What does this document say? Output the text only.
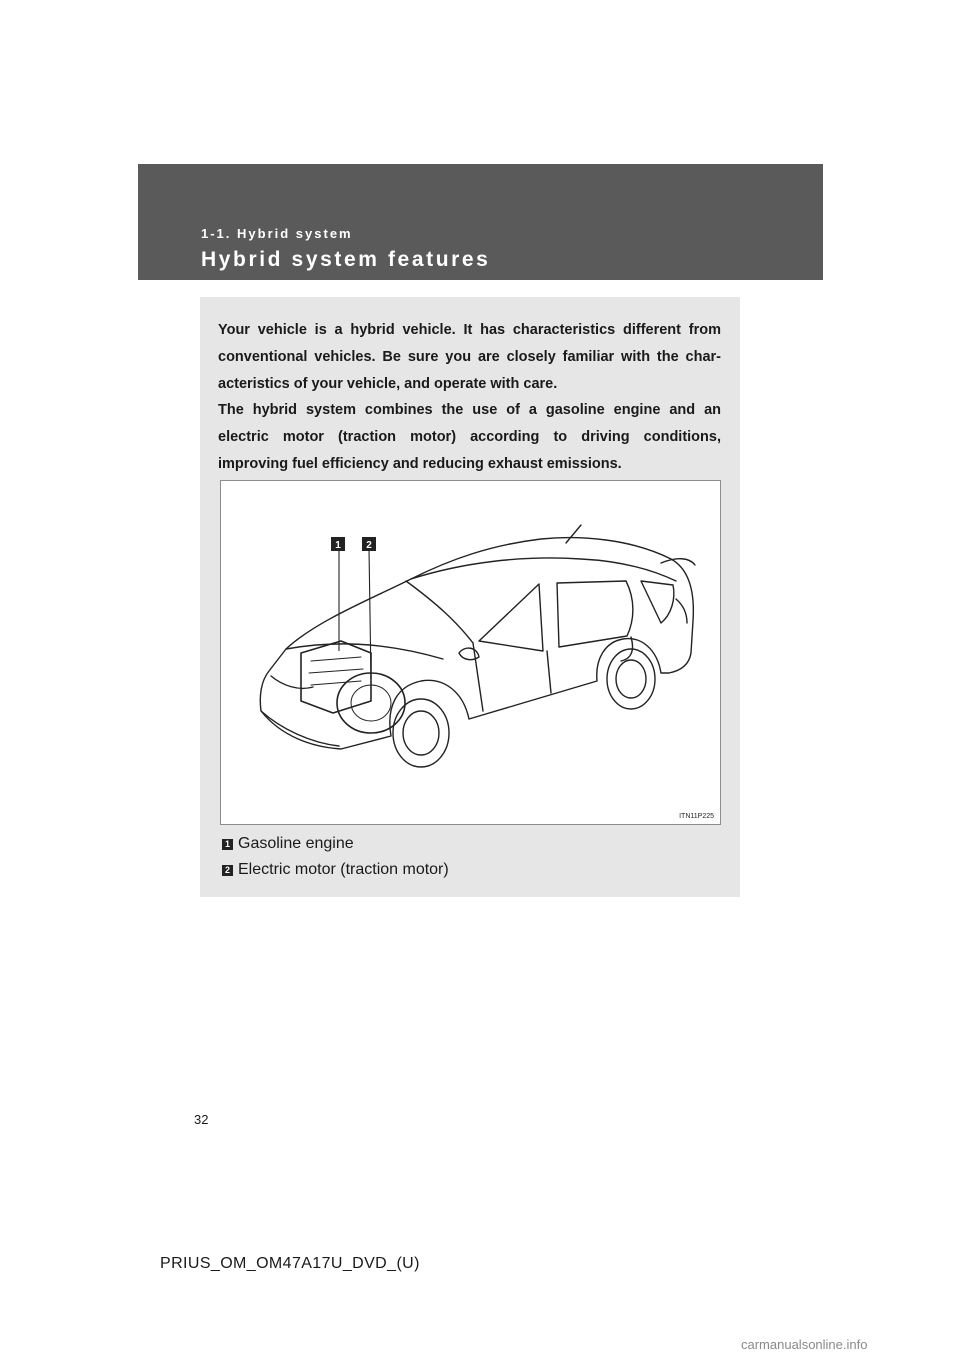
1-1. Hybrid system
Hybrid system features

Your vehicle is a hybrid vehicle. It has characteristics different from conventional vehicles. Be sure you are closely familiar with the char-acteristics of your vehicle, and operate with care.

The hybrid system combines the use of a gasoline engine and an electric motor (traction motor) according to driving conditions, improving fuel efficiency and reducing exhaust emissions.

1	2
ITN11P225
1 Gasoline engine
2 Electric motor (traction motor)
32
PRIUS_OM_OM47A17U_DVD_(U)
carmanualsonline.info
